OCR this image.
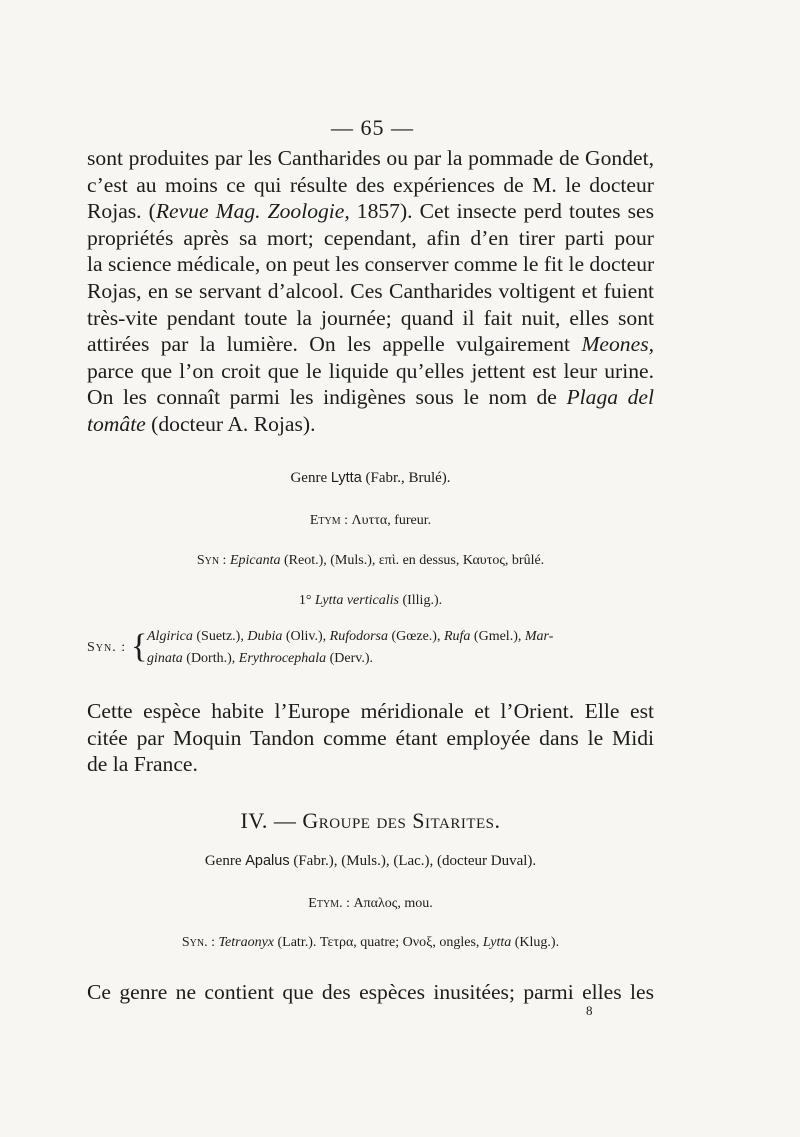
— 65 —
sont produites par les Cantharides ou par la pommade de Gondet,
c’est au moins ce qui résulte des expériences de M. le docteur
Rojas. (Revue Mag. Zoologie, 1857). Cet insecte perd toutes ses
propriétés après sa mort; cependant, afin d’en tirer parti pour
la science médicale, on peut les conserver comme le fit le docteur
Rojas, en se servant d’alcool. Ces Cantharides voltigent et fuient
très-vite pendant toute la journée; quand il fait nuit, elles sont
attirées par la lumière. On les appelle vulgairement Meones,
parce que l’on croit que le liquide qu’elles jettent est leur urine.
On les connaît parmi les indigènes sous le nom de Plaga del
tomâte (docteur A. Rojas).
Genre Lytta (Fabr., Brulé).
Etym : Λυττα, fureur.
Syn : Epicanta (Reot.), (Muls.), επὶ. en dessus, Καυτος, brûlé.
1° Lytta verticalis (Illig.).
Syn. : { Algirica (Suetz.), Dubia (Oliv.), Rufodorsa (Gœze.), Rufa (Gmel.), Mar-
ginata (Dorth.), Erythrocephala (Derv.).
Cette espèce habite l’Europe méridionale et l’Orient. Elle est
citée par Moquin Tandon comme étant employée dans le Midi
de la France.
IV. — Groupe des Sitarites.
Genre Apalus (Fabr.), (Muls.), (Lac.), (docteur Duval).
Etym. : Απαλος, mou.
Syn. : Tetraonyx (Latr.). Τετρα, quatre; Ονοξ, ongles, Lytta (Klug.).
Ce genre ne contient que des espèces inusitées; parmi elles les
8
